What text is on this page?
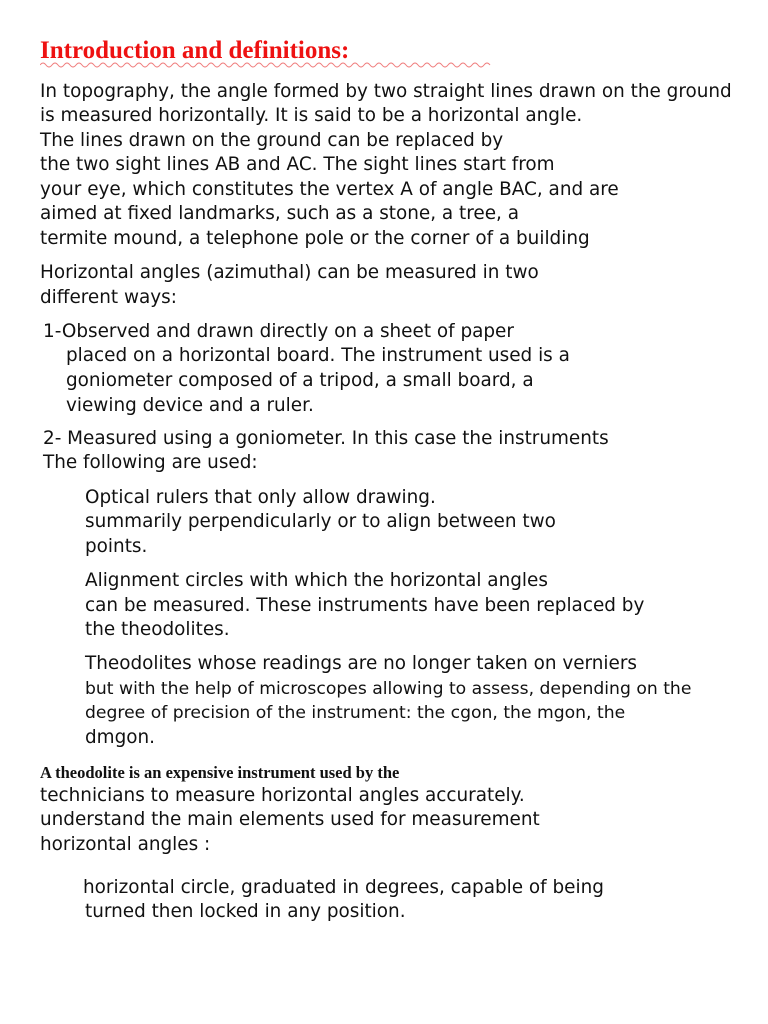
Introduction and definitions:
In topography, the angle formed by two straight lines drawn on the ground
is measured horizontally. It is said to be a horizontal angle.
The lines drawn on the ground can be replaced by
the two sight lines AB and AC. The sight lines start from
your eye, which constitutes the vertex A of angle BAC, and are
aimed at fixed landmarks, such as a stone, a tree, a
termite mound, a telephone pole or the corner of a building
Horizontal angles (azimuthal) can be measured in two
different ways:
1-Observed and drawn directly on a sheet of paper
placed on a horizontal board. The instrument used is a
goniometer composed of a tripod, a small board, a
viewing device and a ruler.
2- Measured using a goniometer. In this case the instruments
The following are used:
Optical rulers that only allow drawing.
summarily perpendicularly or to align between two
points.
Alignment circles with which the horizontal angles
can be measured. These instruments have been replaced by
the theodolites.
Theodolites whose readings are no longer taken on verniers
but with the help of microscopes allowing to assess, depending on the
degree of precision of the instrument: the cgon, the mgon, the
dmgon.
A theodolite is an expensive instrument used by the
technicians to measure horizontal angles accurately.
understand the main elements used for measurement
horizontal angles :
horizontal circle, graduated in degrees, capable of being
turned then locked in any position.
